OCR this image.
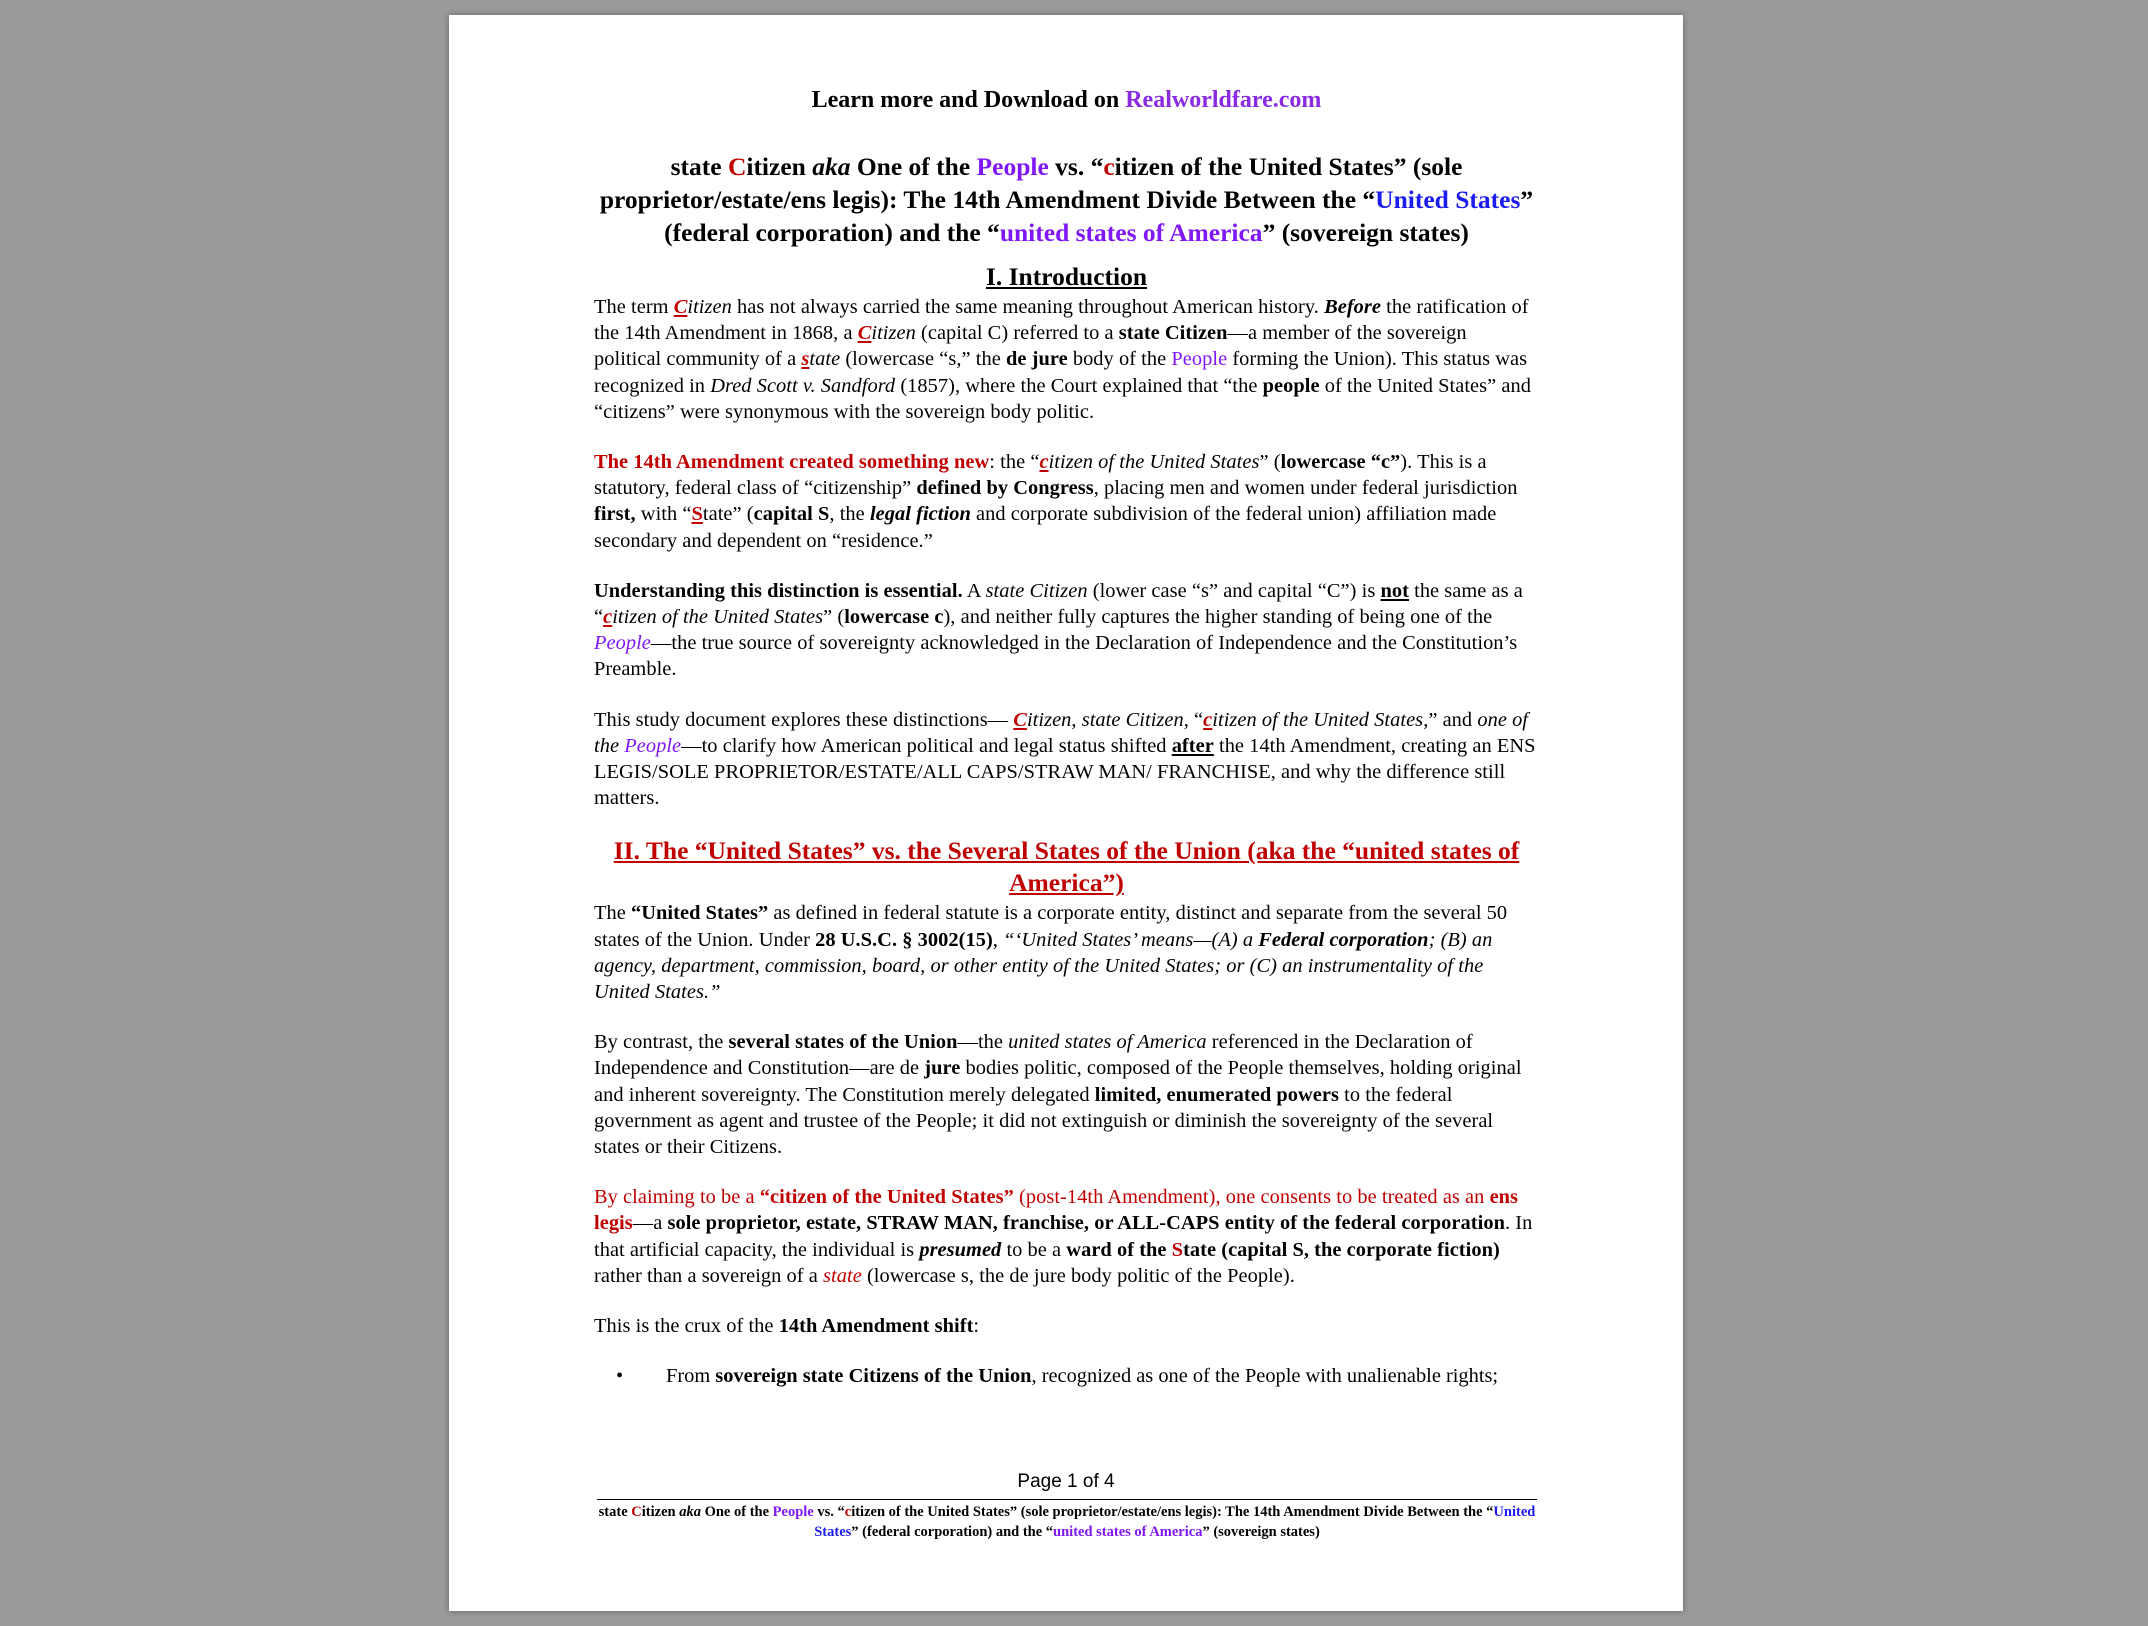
Learn more and Download on Realworldfare.com
state Citizen aka One of the People vs. “citizen of the United States” (sole proprietor/estate/ens legis): The 14th Amendment Divide Between the “United States” (federal corporation) and the “united states of America” (sovereign states)
I. Introduction

The term Citizen has not always carried the same meaning throughout American history. Before the ratification of the 14th Amendment in 1868, a Citizen (capital C) referred to a state Citizen—a member of the sovereign political community of a state (lowercase “s,” the de jure body of the People forming the Union). This status was recognized in Dred Scott v. Sandford (1857), where the Court explained that “the people of the United States” and “citizens” were synonymous with the sovereign body politic.

The 14th Amendment created something new: the “citizen of the United States” (lowercase “c”). This is a statutory, federal class of “citizenship” defined by Congress, placing men and women under federal jurisdiction first, with “State” (capital S, the legal fiction and corporate subdivision of the federal union) affiliation made secondary and dependent on “residence.”

Understanding this distinction is essential. A state Citizen (lower case “s” and capital “C”) is not the same as a “citizen of the United States” (lowercase c), and neither fully captures the higher standing of being one of the People—the true source of sovereignty acknowledged in the Declaration of Independence and the Constitution’s Preamble.

This study document explores these distinctions— Citizen, state Citizen, “citizen of the United States,” and one of the People—to clarify how American political and legal status shifted after the 14th Amendment, creating an ENS LEGIS/SOLE PROPRIETOR/ESTATE/ALL CAPS/STRAW MAN/ FRANCHISE, and why the difference still matters.

II. The “United States” vs. the Several States of the Union (aka the “united states of America”)

The “United States” as defined in federal statute is a corporate entity, distinct and separate from the several 50 states of the Union. Under 28 U.S.C. § 3002(15), “‘United States’ means—(A) a Federal corporation; (B) an agency, department, commission, board, or other entity of the United States; or (C) an instrumentality of the United States.”

By contrast, the several states of the Union—the united states of America referenced in the Declaration of Independence and Constitution—are de jure bodies politic, composed of the People themselves, holding original and inherent sovereignty. The Constitution merely delegated limited, enumerated powers to the federal government as agent and trustee of the People; it did not extinguish or diminish the sovereignty of the several states or their Citizens.

By claiming to be a “citizen of the United States” (post-14th Amendment), one consents to be treated as an ens legis—a sole proprietor, estate, STRAW MAN, franchise, or ALL-CAPS entity of the federal corporation. In that artificial capacity, the individual is presumed to be a ward of the State (capital S, the corporate fiction) rather than a sovereign of a state (lowercase s, the de jure body politic of the People).

This is the crux of the 14th Amendment shift:

• From sovereign state Citizens of the Union, recognized as one of the People with unalienable rights;
Page 1 of 4
state Citizen aka One of the People vs. “citizen of the United States” (sole proprietor/estate/ens legis): The 14th Amendment Divide Between the “United States” (federal corporation) and the “united states of America” (sovereign states)
